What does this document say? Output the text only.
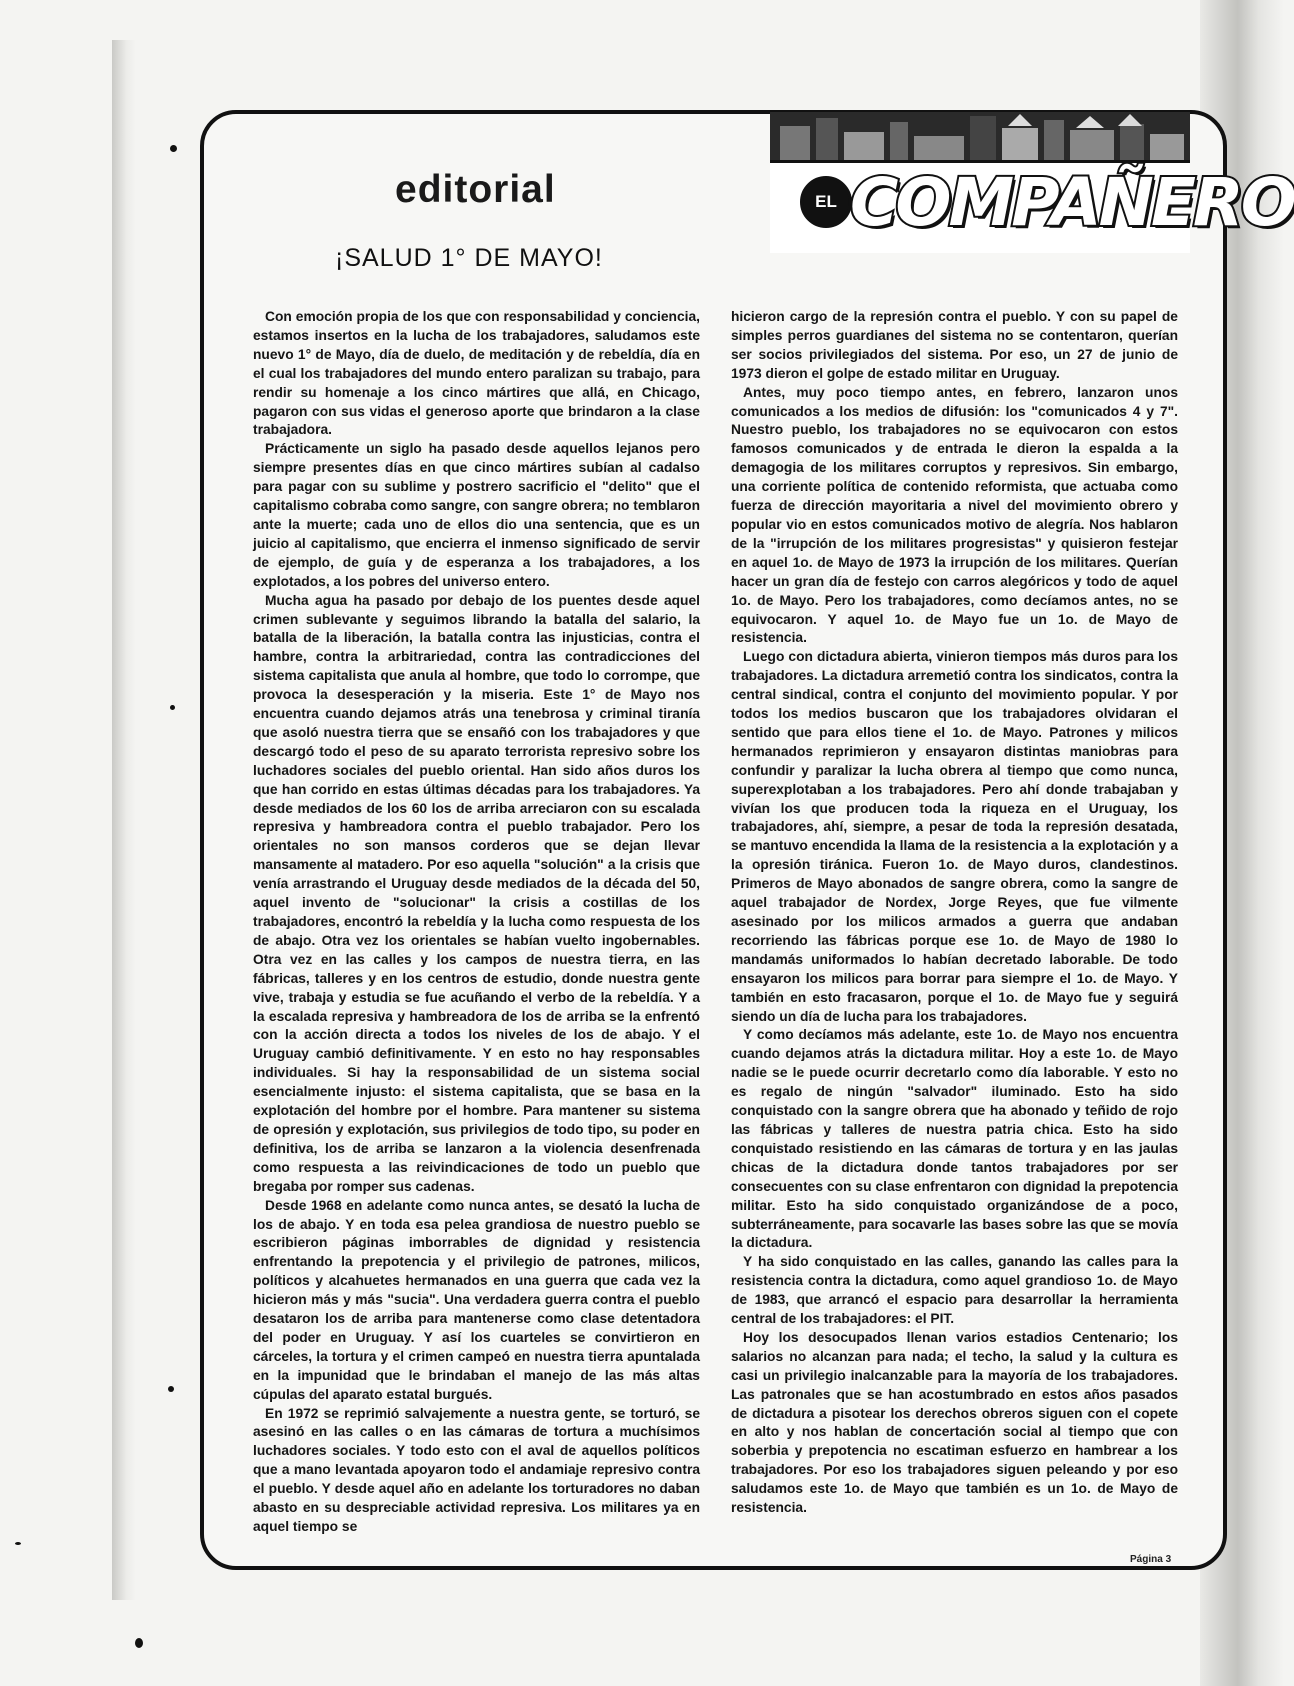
EL COMPAÑERO
editorial
¡SALUD 1° DE MAYO!

Con emoción propia de los que con responsabilidad y conciencia, estamos insertos en la lucha de los trabajadores, saludamos este nuevo 1° de Mayo, día de duelo, de meditación y de rebeldía, día en el cual los trabajadores del mundo entero paralizan su trabajo, para rendir su homenaje a los cinco mártires que allá, en Chicago, pagaron con sus vidas el generoso aporte que brindaron a la clase trabajadora.

Prácticamente un siglo ha pasado desde aquellos lejanos pero siempre presentes días en que cinco mártires subían al cadalso para pagar con su sublime y postrero sacrificio el "delito" que el capitalismo cobraba como sangre, con sangre obrera; no temblaron ante la muerte; cada uno de ellos dio una sentencia, que es un juicio al capitalismo, que encierra el inmenso significado de servir de ejemplo, de guía y de esperanza a los trabajadores, a los explotados, a los pobres del universo entero.

Mucha agua ha pasado por debajo de los puentes desde aquel crimen sublevante y seguimos librando la batalla del salario, la batalla de la liberación, la batalla contra las injusticias, contra el hambre, contra la arbitrariedad, contra las contradicciones del sistema capitalista que anula al hombre, que todo lo corrompe, que provoca la desesperación y la miseria. Este 1° de Mayo nos encuentra cuando dejamos atrás una tenebrosa y criminal tiranía que asoló nuestra tierra que se ensañó con los trabajadores y que descargó todo el peso de su aparato terrorista represivo sobre los luchadores sociales del pueblo oriental. Han sido años duros los que han corrido en estas últimas décadas para los trabajadores. Ya desde mediados de los 60 los de arriba arreciaron con su escalada represiva y hambreadora contra el pueblo trabajador. Pero los orientales no son mansos corderos que se dejan llevar mansamente al matadero. Por eso aquella "solución" a la crisis que venía arrastrando el Uruguay desde mediados de la década del 50, aquel invento de "solucionar" la crisis a costillas de los trabajadores, encontró la rebeldía y la lucha como respuesta de los de abajo. Otra vez los orientales se habían vuelto ingobernables. Otra vez en las calles y los campos de nuestra tierra, en las fábricas, talleres y en los centros de estudio, donde nuestra gente vive, trabaja y estudia se fue acuñando el verbo de la rebeldía. Y a la escalada represiva y hambreadora de los de arriba se la enfrentó con la acción directa a todos los niveles de los de abajo. Y el Uruguay cambió definitivamente. Y en esto no hay responsables individuales. Si hay la responsabilidad de un sistema social esencialmente injusto: el sistema capitalista, que se basa en la explotación del hombre por el hombre. Para mantener su sistema de opresión y explotación, sus privilegios de todo tipo, su poder en definitiva, los de arriba se lanzaron a la violencia desenfrenada como respuesta a las reivindicaciones de todo un pueblo que bregaba por romper sus cadenas.

Desde 1968 en adelante como nunca antes, se desató la lucha de los de abajo. Y en toda esa pelea grandiosa de nuestro pueblo se escribieron páginas imborrables de dignidad y resistencia enfrentando la prepotencia y el privilegio de patrones, milicos, políticos y alcahuetes hermanados en una guerra que cada vez la hicieron más y más "sucia". Una verdadera guerra contra el pueblo desataron los de arriba para mantenerse como clase detentadora del poder en Uruguay. Y así los cuarteles se convirtieron en cárceles, la tortura y el crimen campeó en nuestra tierra apuntalada en la impunidad que le brindaban el manejo de las más altas cúpulas del aparato estatal burgués.

En 1972 se reprimió salvajemente a nuestra gente, se torturó, se asesinó en las calles o en las cámaras de tortura a muchísimos luchadores sociales. Y todo esto con el aval de aquellos políticos que a mano levantada apoyaron todo el andamiaje represivo contra el pueblo. Y desde aquel año en adelante los torturadores no daban abasto en su despreciable actividad represiva. Los militares ya en aquel tiempo se

hicieron cargo de la represión contra el pueblo. Y con su papel de simples perros guardianes del sistema no se contentaron, querían ser socios privilegiados del sistema. Por eso, un 27 de junio de 1973 dieron el golpe de estado militar en Uruguay.

Antes, muy poco tiempo antes, en febrero, lanzaron unos comunicados a los medios de difusión: los "comunicados 4 y 7". Nuestro pueblo, los trabajadores no se equivocaron con estos famosos comunicados y de entrada le dieron la espalda a la demagogia de los militares corruptos y represivos. Sin embargo, una corriente política de contenido reformista, que actuaba como fuerza de dirección mayoritaria a nivel del movimiento obrero y popular vio en estos comunicados motivo de alegría. Nos hablaron de la "irrupción de los militares progresistas" y quisieron festejar en aquel 1o. de Mayo de 1973 la irrupción de los militares. Querían hacer un gran día de festejo con carros alegóricos y todo de aquel 1o. de Mayo. Pero los trabajadores, como decíamos antes, no se equivocaron. Y aquel 1o. de Mayo fue un 1o. de Mayo de resistencia.

Luego con dictadura abierta, vinieron tiempos más duros para los trabajadores. La dictadura arremetió contra los sindicatos, contra la central sindical, contra el conjunto del movimiento popular. Y por todos los medios buscaron que los trabajadores olvidaran el sentido que para ellos tiene el 1o. de Mayo. Patrones y milicos hermanados reprimieron y ensayaron distintas maniobras para confundir y paralizar la lucha obrera al tiempo que como nunca, superexplotaban a los trabajadores. Pero ahí donde trabajaban y vivían los que producen toda la riqueza en el Uruguay, los trabajadores, ahí, siempre, a pesar de toda la represión desatada, se mantuvo encendida la llama de la resistencia a la explotación y a la opresión tiránica. Fueron 1o. de Mayo duros, clandestinos. Primeros de Mayo abonados de sangre obrera, como la sangre de aquel trabajador de Nordex, Jorge Reyes, que fue vilmente asesinado por los milicos armados a guerra que andaban recorriendo las fábricas porque ese 1o. de Mayo de 1980 lo mandamás uniformados lo habían decretado laborable. De todo ensayaron los milicos para borrar para siempre el 1o. de Mayo. Y también en esto fracasaron, porque el 1o. de Mayo fue y seguirá siendo un día de lucha para los trabajadores.

Y como decíamos más adelante, este 1o. de Mayo nos encuentra cuando dejamos atrás la dictadura militar. Hoy a este 1o. de Mayo nadie se le puede ocurrir decretarlo como día laborable. Y esto no es regalo de ningún "salvador" iluminado. Esto ha sido conquistado con la sangre obrera que ha abonado y teñido de rojo las fábricas y talleres de nuestra patria chica. Esto ha sido conquistado resistiendo en las cámaras de tortura y en las jaulas chicas de la dictadura donde tantos trabajadores por ser consecuentes con su clase enfrentaron con dignidad la prepotencia militar. Esto ha sido conquistado organizándose de a poco, subterráneamente, para socavarle las bases sobre las que se movía la dictadura.

Y ha sido conquistado en las calles, ganando las calles para la resistencia contra la dictadura, como aquel grandioso 1o. de Mayo de 1983, que arrancó el espacio para desarrollar la herramienta central de los trabajadores: el PIT.

Hoy los desocupados llenan varios estadios Centenario; los salarios no alcanzan para nada; el techo, la salud y la cultura es casi un privilegio inalcanzable para la mayoría de los trabajadores. Las patronales que se han acostumbrado en estos años pasados de dictadura a pisotear los derechos obreros siguen con el copete en alto y nos hablan de concertación social al tiempo que con soberbia y prepotencia no escatiman esfuerzo en hambrear a los trabajadores. Por eso los trabajadores siguen peleando y por eso saludamos este 1o. de Mayo que también es un 1o. de Mayo de resistencia.

Página 3
